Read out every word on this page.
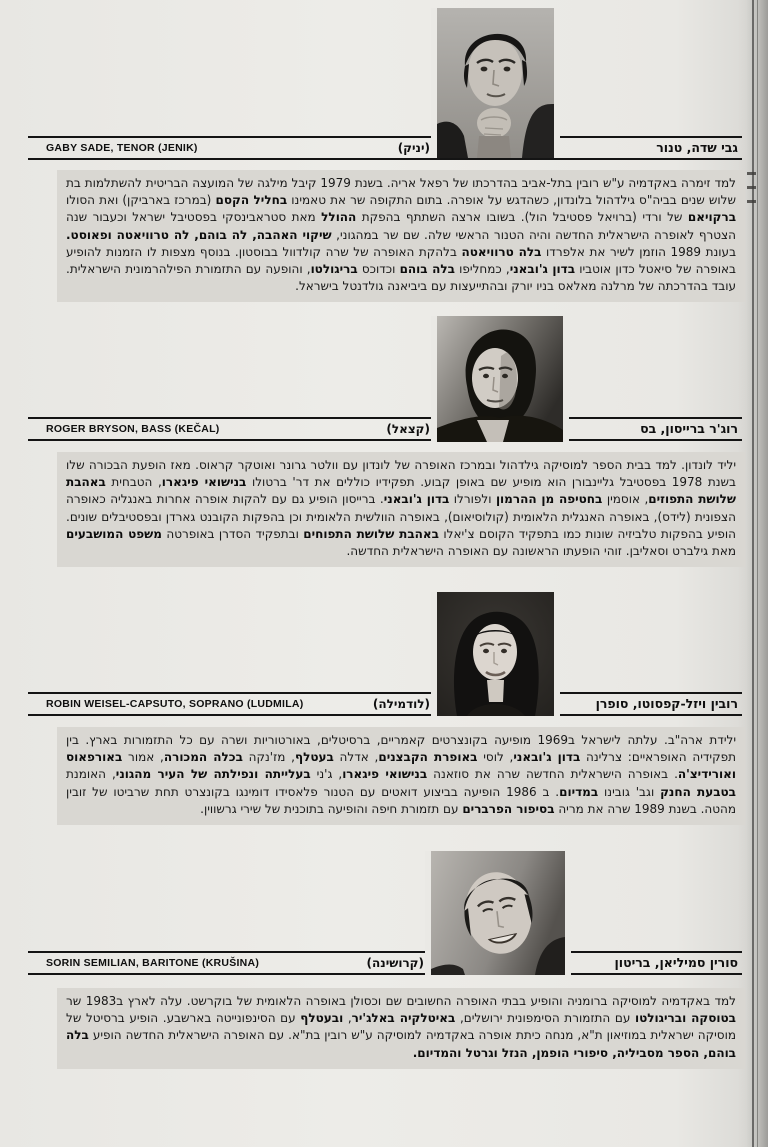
GABY SADE, TENOR (JENIK)	(יניק)	גבי שדה, טנור
למד זימרה באקדמיה ע"ש רובין בתל-אביב בהדרכתו של רפאל אריה. בשנת 1979 קיבל מילגה של המועצה הבריטית להשתלמות בת שלוש שנים בביה"ס גילדהול בלונדון, כשהדגש על אופרה. בתום התקופה שר את טאמינו בחליל הקסם (במרכז בארביקן) ואת הסולו ברקויאם של ורדי (ברויאל פסטיבל הול). בשובו ארצה השתתף בהפקת ההולל מאת סטראבינסקי בפסטיבל ישראל וכעבור שנה הצטרף לאופרה הישראלית החדשה והיה הטנור הראשי שלה. שם שר במהגוני, שיקוי האהבה, לה בוהם, לה טרוויאטה ופאוסט. בעונת 1989 הוזמן לשיר את אלפרדו בלה טרוויאטה בלהקת האופרה של שרה קולדוול בבוסטון. בנוסף מצפות לו הזמנות להופיע באופרה של סיאטל כדון אוטביו בדון ג'ובאני, כמחליפו בלה בוהם וכדוכס בריגולטו, והופעה עם התזמורת הפילהרמונית הישראלית. עובד בהדרכתה של מרלנה מאלאס בניו יורק ובהתייעצות עם ביביאנה גולדנטל בישראל.
ROGER BRYSON, BASS (KEČAL)	(קצאל)	רוג'ר ברייסון, בס
יליד לונדון. למד בבית הספר למוסיקה גילדהול ובמרכז האופרה של לונדון עם וולטר גרונר ואוטקר קראוס. מאז הופעת הבכורה שלו בשנת 1978 בפסטיבל גליינבורן הוא מופיע שם באופן קבוע. תפקידיו כוללים את דר' ברטולו בנישואי פיגארו, הטבחית באהבת שלושת התפוזים, אוסמין בחטיפה מן ההרמון ולפורלו בדון ג'ובאני. ברייסון הופיע גם עם להקות אופרה אחרות באנגליה כאופרה הצפונית (לידס), באופרה האנגלית הלאומית (קולוסיאום), באופרה הוולשית הלאומית וכן בהפקות הקובנט גארדן ובפסטיבלים שונים. הופיע בהפקות טלביזיה שונות כמו בתפקיד הקוסם צ'יאלו באהבת שלושת התפוחים ובתפקיד הסדרן באופרטה משפט המושבעים מאת גילברט וסאליבן. זוהי הופעתו הראשונה עם האופרה הישראלית החדשה.
ROBIN WEISEL-CAPSUTO, SOPRANO (LUDMILA)	(לודמילה)	רובין ויזל-קפסוטו, סופרן
ילידת ארה"ב. עלתה לישראל ב1969 מופיעה בקונצרטים קאמריים, ברסיטלים, באורטוריות ושרה עם כל התזמורות בארץ. בין תפקידיה האופראיים: צרלינה בדון ג'ובאני, לוסי באופרת הקבצנים, אדלה בעטלף, מז'נקה בכלה המכורה, אמור באורפאוס ואורידיצ'ה. באופרה הישראלית החדשה שרה את סוזאנה בנישואי פיגארו, ג'ני בעלייתה ונפילתה של העיר מהגוני, האומנת בטבעת החנק וגב' גובינו במדיום. ב 1986 הופיעה בביצוע דואטים עם הטנור פלאסידו דומינגו בקונצרט תחת שרביטו של זובין מהטה. בשנת 1989 שרה את מריה בסיפור הפרברים עם תזמורת חיפה והופיעה בתוכנית של שירי גרשווין.
SORIN SEMILIAN, BARITONE (KRUŠINA)	(קרושינה)	סורין סמיליאן, בריטון
למד באקדמיה למוסיקה ברומניה והופיע בבתי האופרה החשובים שם וכסולן באופרה הלאומית של בוקרשט. עלה לארץ ב1983 שר בטוסקה ובריגולטו עם התזמורת הסימפונית ירושלים, באיטלקיה באלג'יר, ובעטלף עם הסינפונייטה בארשבע. הופיע ברסיטל של מוסיקה ישראלית במוזיאון ת"א, מנחה כיתת אופרה באקדמיה למוסיקה ע"ש רובין בת"א. עם האופרה הישראלית החדשה הופיע בלה בוהם, הספר מסביליה, סיפורי הופמן, הנזל וגרטל והמדיום.
